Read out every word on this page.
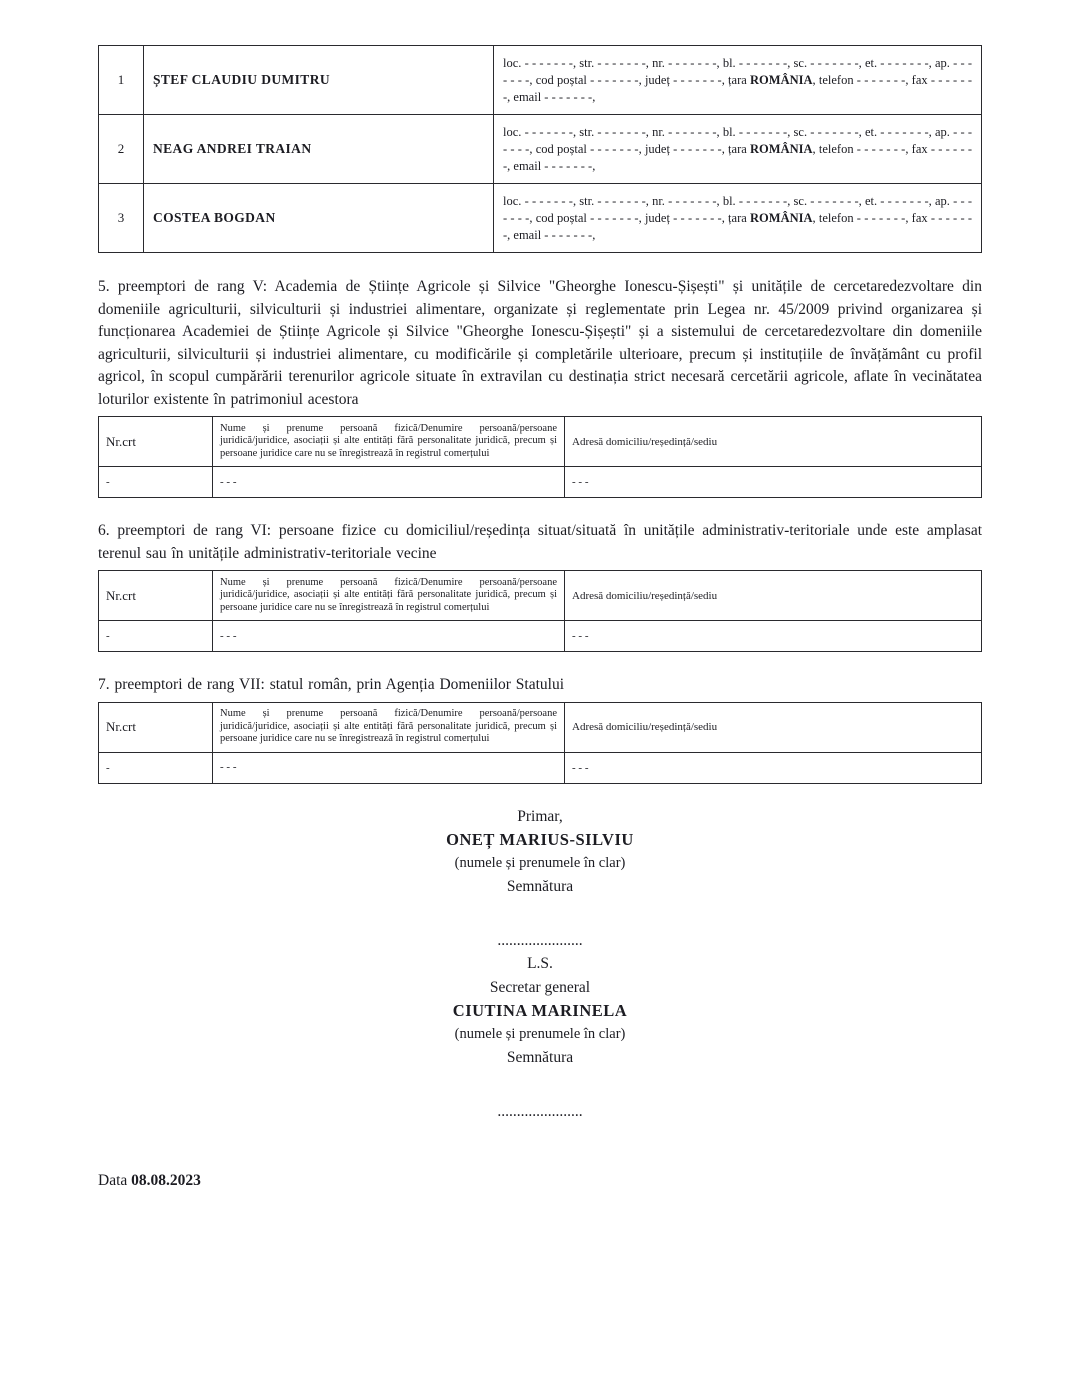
1	ȘTEF CLAUDIU DUMITRU	loc. - - - - - - -, str. - - - - - - -, nr. - - - - - - -, bl. - - - - - - -, sc. - - - - - - -, et. - - - - - - -, ap. - - - - - - -, cod poștal - - - - - - -, județ - - - - - - -, țara ROMÂNIA, telefon - - - - - - -, fax - - - - - - -, email - - - - - - -,
2	NEAG ANDREI TRAIAN	loc. - - - - - - -, str. - - - - - - -, nr. - - - - - - -, bl. - - - - - - -, sc. - - - - - - -, et. - - - - - - -, ap. - - - - - - -, cod poștal - - - - - - -, județ - - - - - - -, țara ROMÂNIA, telefon - - - - - - -, fax - - - - - - -, email - - - - - - -,
3	COSTEA BOGDAN	loc. - - - - - - -, str. - - - - - - -, nr. - - - - - - -, bl. - - - - - - -, sc. - - - - - - -, et. - - - - - - -, ap. - - - - - - -, cod poștal - - - - - - -, județ - - - - - - -, țara ROMÂNIA, telefon - - - - - - -, fax - - - - - - -, email - - - - - - -,

5. preemptori de rang V: Academia de Științe Agricole și Silvice "Gheorghe Ionescu-Șișești" și unitățile de cercetaredezvoltare din domeniile agriculturii, silviculturii și industriei alimentare, organizate și reglementate prin Legea nr. 45/2009 privind organizarea și funcționarea Academiei de Științe Agricole și Silvice "Gheorghe Ionescu-Șișești" și a sistemului de cercetaredezvoltare din domeniile agriculturii, silviculturii și industriei alimentare, cu modificările și completările ulterioare, precum și instituțiile de învățământ cu profil agricol, în scopul cumpărării terenurilor agricole situate în extravilan cu destinația strict necesară cercetării agricole, aflate în vecinătatea loturilor existente în patrimoniul acestora

Nr.crt	Nume și prenume persoană fizică/Denumire persoană/persoane juridică/juridice, asociații și alte entități fără personalitate juridică, precum și persoane juridice care nu se înregistrează în registrul comerțului	Adresă domiciliu/reședință/sediu
-	- - -	- - -

6. preemptori de rang VI: persoane fizice cu domiciliul/reședința situat/situată în unitățile administrativ-teritoriale unde este amplasat terenul sau în unitățile administrativ-teritoriale vecine

Nr.crt	Nume și prenume persoană fizică/Denumire persoană/persoane juridică/juridice, asociații și alte entități fără personalitate juridică, precum și persoane juridice care nu se înregistrează în registrul comerțului	Adresă domiciliu/reședință/sediu
-	- - -	- - -

7. preemptori de rang VII: statul român, prin Agenția Domeniilor Statului

Nr.crt	Nume și prenume persoană fizică/Denumire persoană/persoane juridică/juridice, asociații și alte entități fără personalitate juridică, precum și persoane juridice care nu se înregistrează în registrul comerțului	Adresă domiciliu/reședință/sediu
-	- - -	- - -
Primar,
ONEȚ MARIUS-SILVIU
(numele și prenumele în clar)
Semnătura
......................
L.S.
Secretar general
CIUTINA MARINELA
(numele și prenumele în clar)
Semnătura
......................
Data 08.08.2023
